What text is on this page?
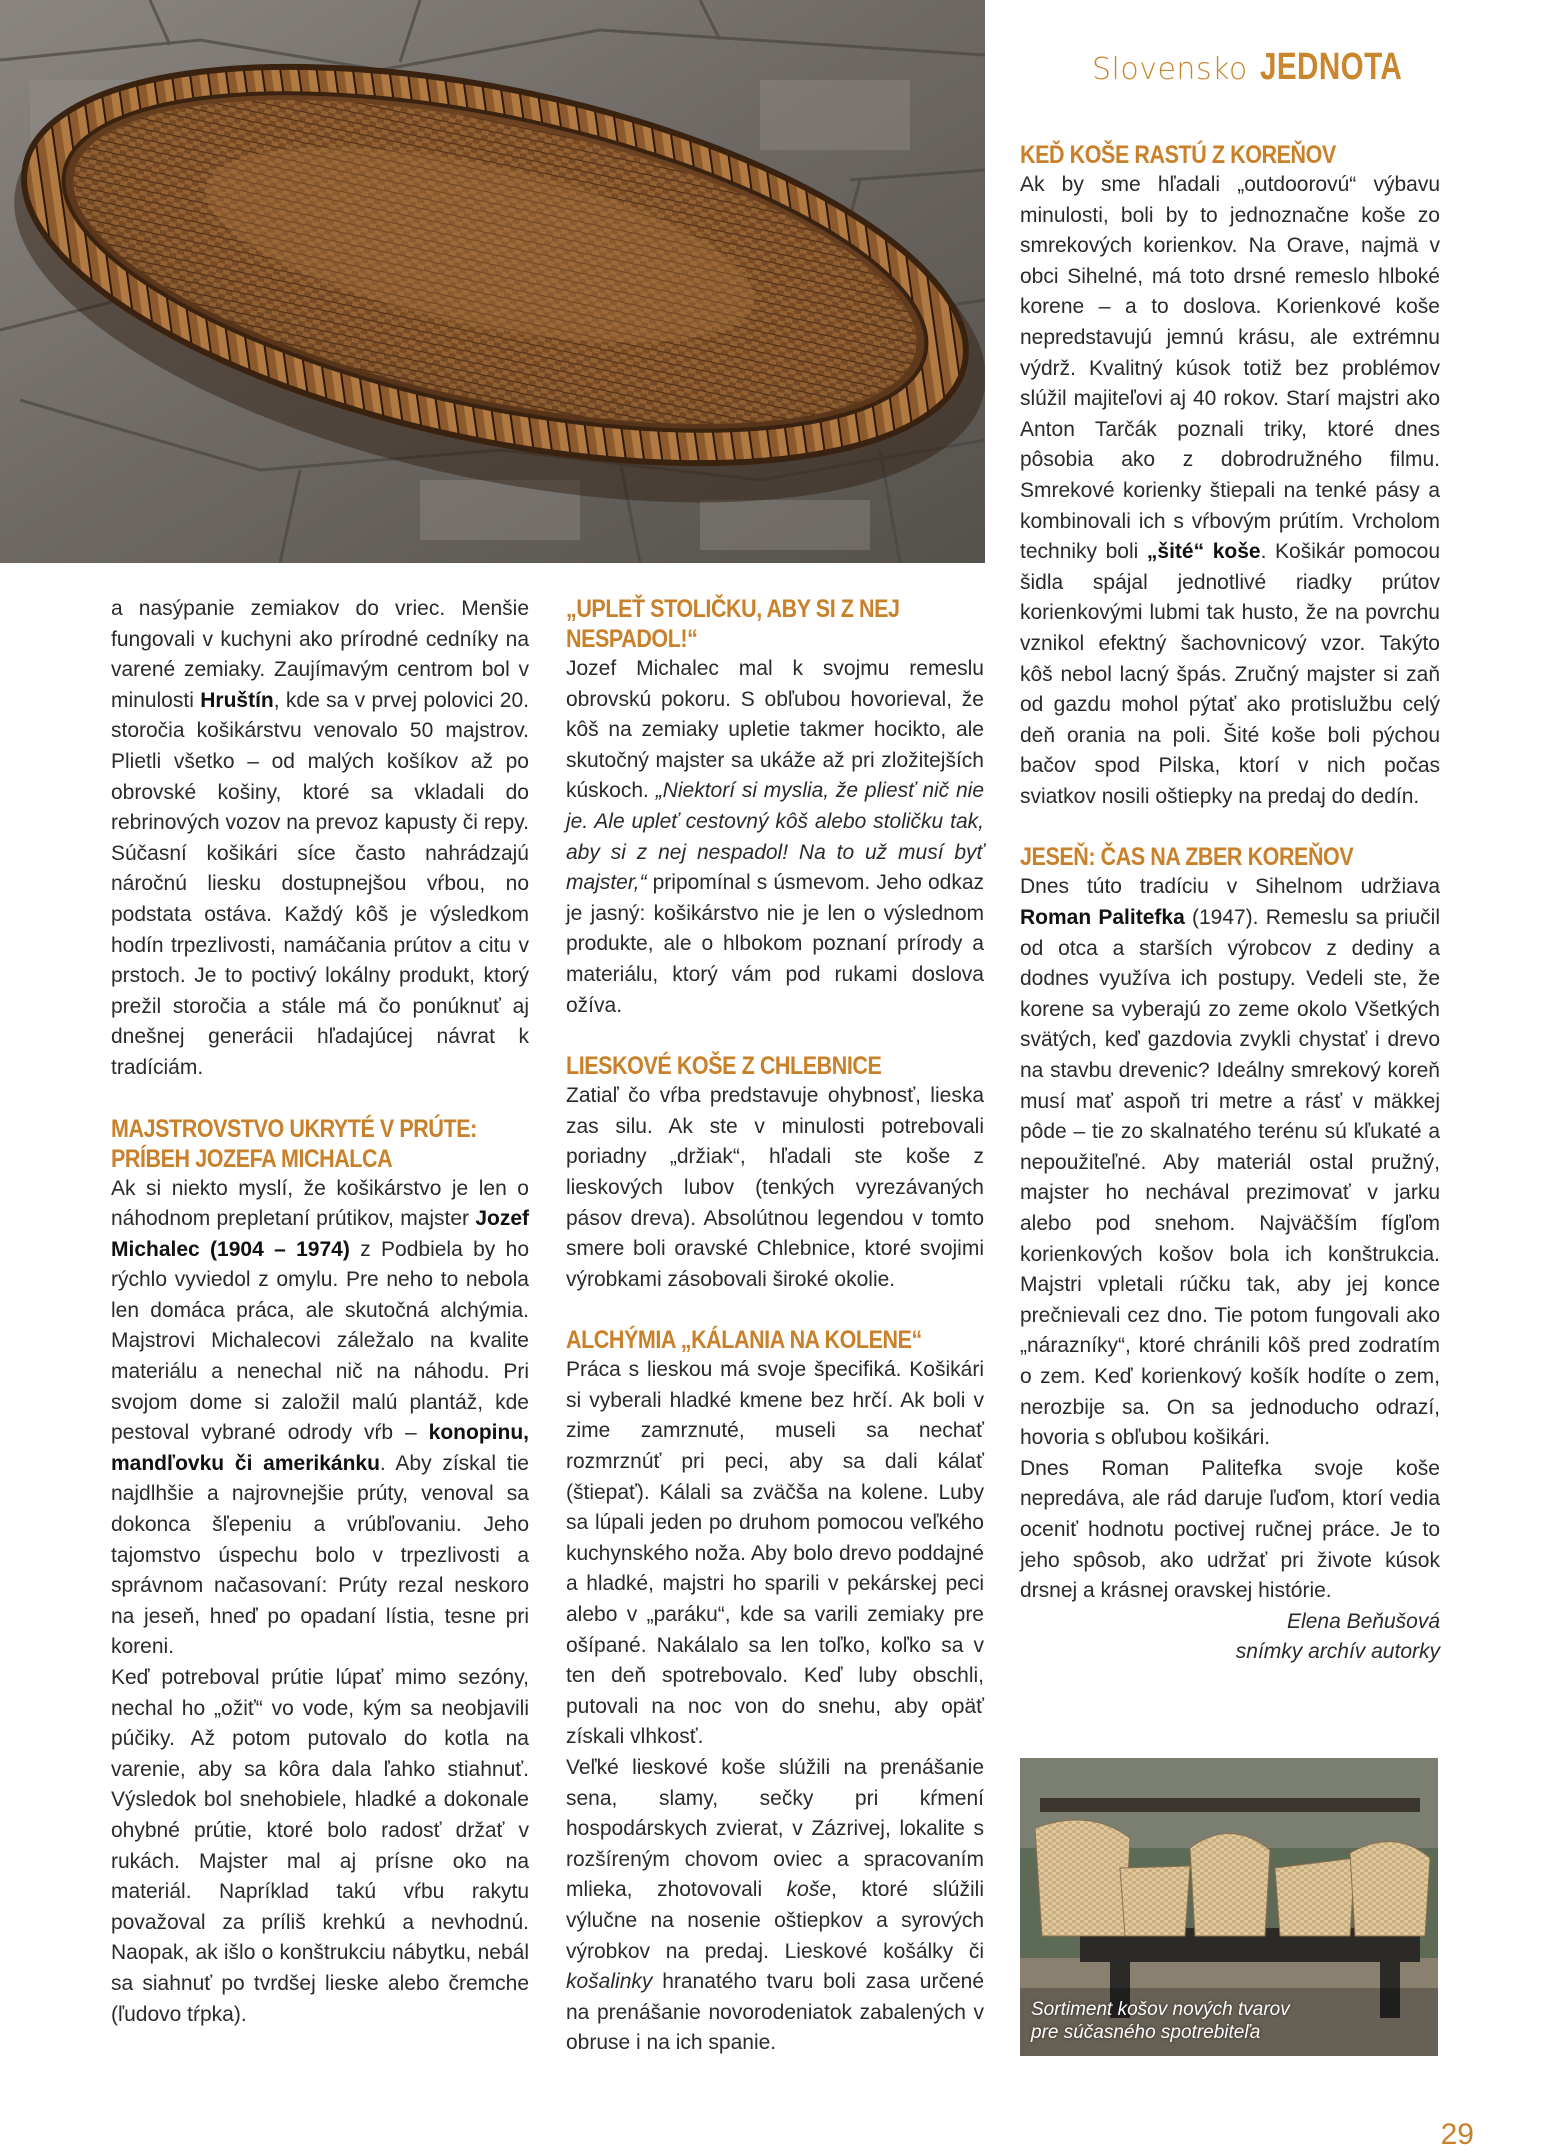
Slovensko JEDNOTA

a nasýpanie zemiakov do vriec. Menšie fungovali v kuchyni ako prírodné cedníky na varené zemiaky. Zaujímavým centrom bol v minulosti Hruštín, kde sa v prvej polovici 20. storočia košikárstvu venovalo 50 majstrov. Plietli všetko – od malých košíkov až po obrovské košiny, ktoré sa vkladali do rebrinových vozov na prevoz kapusty či repy. Súčasní košikári síce často nahrádzajú náročnú liesku dostupnejšou vŕbou, no podstata ostáva. Každý kôš je výsledkom hodín trpezlivosti, namáčania prútov a citu v prstoch. Je to poctivý lokálny produkt, ktorý prežil storočia a stále má čo ponúknuť aj dnešnej generácii hľadajúcej návrat k tradíciám.

MAJSTROVSTVO UKRYTÉ V PRÚTE: PRÍBEH JOZEFA MICHALCA

Ak si niekto myslí, že košikárstvo je len o náhodnom prepletaní prútikov, majster Jozef Michalec (1904 – 1974) z Podbiela by ho rýchlo vyviedol z omylu. Pre neho to nebola len domáca práca, ale skutočná alchýmia. Majstrovi Michalecovi záležalo na kvalite materiálu a nenechal nič na náhodu. Pri svojom dome si založil malú plantáž, kde pestoval vybrané odrody vŕb – konopinu, mandľovku či amerikánku. Aby získal tie najdlhšie a najrovnejšie prúty, venoval sa dokonca šľepeniu a vrúbľovaniu. Jeho tajomstvo úspechu bolo v trpezlivosti a správnom načasovaní: Prúty rezal neskoro na jeseň, hneď po opadaní lístia, tesne pri koreni.

Keď potreboval prútie lúpať mimo sezóny, nechal ho „ožiť“ vo vode, kým sa neobjavili púčiky. Až potom putovalo do kotla na varenie, aby sa kôra dala ľahko stiahnuť. Výsledok bol snehobiele, hladké a dokonale ohybné prútie, ktoré bolo radosť držať v rukách. Majster mal aj prísne oko na materiál. Napríklad takú vŕbu rakytu považoval za príliš krehkú a nevhodnú. Naopak, ak išlo o konštrukciu nábytku, nebál sa siahnuť po tvrdšej lieske alebo čremche (ľudovo tŕpka).

„UPLEŤ STOLIČKU, ABY SI Z NEJ NESPADOL!“

Jozef Michalec mal k svojmu remeslu obrovskú pokoru. S obľubou hovorieval, že kôš na zemiaky upletie takmer hocikto, ale skutočný majster sa ukáže až pri zložitejších kúskoch. „Niektorí si myslia, že pliesť nič nie je. Ale upleť cestovný kôš alebo stoličku tak, aby si z nej nespadol! Na to už musí byť majster,“ pripomínal s úsmevom. Jeho odkaz je jasný: košikárstvo nie je len o výslednom produkte, ale o hlbokom poznaní prírody a materiálu, ktorý vám pod rukami doslova ožíva.

LIESKOVÉ KOŠE Z CHLEBNICE

Zatiaľ čo vŕba predstavuje ohybnosť, lieska zas silu. Ak ste v minulosti potrebovali poriadny „držiak“, hľadali ste koše z lieskových lubov (tenkých vyrezávaných pásov dreva). Absolútnou legendou v tomto smere boli oravské Chlebnice, ktoré svojimi výrobkami zásobovali široké okolie.

ALCHÝMIA „KÁLANIA NA KOLENE“

Práca s lieskou má svoje špecifiká. Košikári si vyberali hladké kmene bez hrčí. Ak boli v zime zamrznuté, museli sa nechať rozmrznúť pri peci, aby sa dali kálať (štiepať). Kálali sa zväčša na kolene. Luby sa lúpali jeden po druhom pomocou veľkého kuchynského noža. Aby bolo drevo poddajné a hladké, majstri ho sparili v pekárskej peci alebo v „paráku“, kde sa varili zemiaky pre ošípané. Nakálalo sa len toľko, koľko sa v ten deň spotrebovalo. Keď luby obschli, putovali na noc von do snehu, aby opäť získali vlhkosť.

Veľké lieskové koše slúžili na prenášanie sena, slamy, sečky pri kŕmení hospodárskych zvierat, v Zázrivej, lokalite s rozšíreným chovom oviec a spracovaním mlieka, zhotovovali koše, ktoré slúžili výlučne na nosenie oštiepkov a syrových výrobkov na predaj. Lieskové košálky či košalinky hranatého tvaru boli zasa určené na prenášanie novorodeniatok zabalených v obruse i na ich spanie.

KEĎ KOŠE RASTÚ Z KOREŇOV

Ak by sme hľadali „outdoorovú“ výbavu minulosti, boli by to jednoznačne koše zo smrekových korienkov. Na Orave, najmä v obci Sihelné, má toto drsné remeslo hlboké korene – a to doslova. Korienkové koše nepredstavujú jemnú krásu, ale extrémnu výdrž. Kvalitný kúsok totiž bez problémov slúžil majiteľovi aj 40 rokov. Starí majstri ako Anton Tarčák poznali triky, ktoré dnes pôsobia ako z dobrodružného filmu. Smrekové korienky štiepali na tenké pásy a kombinovali ich s vŕbovým prútím. Vrcholom techniky boli „šité“ koše. Košikár pomocou šidla spájal jednotlivé riadky prútov korienkovými lubmi tak husto, že na povrchu vznikol efektný šachovnicový vzor. Takýto kôš nebol lacný špás. Zručný majster si zaň od gazdu mohol pýtať ako protislužbu celý deň orania na poli. Šité koše boli pýchou bačov spod Pilska, ktorí v nich počas sviatkov nosili oštiepky na predaj do dedín.

JESEŇ: ČAS NA ZBER KOREŇOV

Dnes túto tradíciu v Sihelnom udržiava Roman Palitefka (1947). Remeslu sa priučil od otca a starších výrobcov z dediny a dodnes využíva ich postupy. Vedeli ste, že korene sa vyberajú zo zeme okolo Všetkých svätých, keď gazdovia zvykli chystať i drevo na stavbu drevenic? Ideálny smrekový koreň musí mať aspoň tri metre a rásť v mäkkej pôde – tie zo skalnatého terénu sú kľukaté a nepoužiteľné. Aby materiál ostal pružný, majster ho nechával prezimovať v jarku alebo pod snehom. Najväčším fígľom korienkových košov bola ich konštrukcia. Majstri vpletali rúčku tak, aby jej konce prečnievali cez dno. Tie potom fungovali ako „nárazníky“, ktoré chránili kôš pred zodratím o zem. Keď korienkový košík hodíte o zem, nerozbije sa. On sa jednoducho odrazí, hovoria s obľubou košikári.

Dnes Roman Palitefka svoje koše nepredáva, ale rád daruje ľuďom, ktorí vedia oceniť hodnotu poctivej ručnej práce. Je to jeho spôsob, ako udržať pri živote kúsok drsnej a krásnej oravskej histórie.

Elena Beňušová
snímky archív autorky
Sortiment košov nových tvarov
pre súčasného spotrebiteľa
29
